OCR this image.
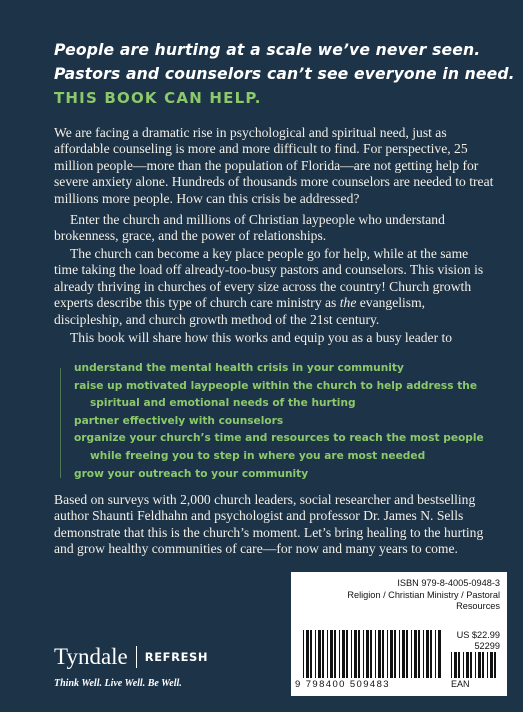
People are hurting at a scale we’ve never seen.
Pastors and counselors can’t see everyone in need.
THIS BOOK CAN HELP.

We are facing a dramatic rise in psychological and spiritual need, just as affordable counseling is more and more difficult to find. For perspective, 25 million people—more than the population of Florida—are not getting help for severe anxiety alone. Hundreds of thousands more counselors are needed to treat millions more people. How can this crisis be addressed?

Enter the church and millions of Christian laypeople who understand brokenness, grace, and the power of relationships.

The church can become a key place people go for help, while at the same time taking the load off already-too-busy pastors and counselors. This vision is already thriving in churches of every size across the country! Church growth experts describe this type of church care ministry as the evangelism, discipleship, and church growth method of the 21st century.

This book will share how this works and equip you as a busy leader to

understand the mental health crisis in your community
raise up motivated laypeople within the church to help address the spiritual and emotional needs of the hurting
partner effectively with counselors
organize your church’s time and resources to reach the most people while freeing you to step in where you are most needed
grow your outreach to your community

Based on surveys with 2,000 church leaders, social researcher and bestselling author Shaunti Feldhahn and psychologist and professor Dr. James N. Sells demonstrate that this is the church’s moment. Let’s bring healing to the hurting and grow healthy communities of care—for now and many years to come.

Tyndale REFRESH
Think Well. Live Well. Be Well.
ISBN 979-8-4005-0948-3
Religion / Christian Ministry / Pastoral
Resources
US $22.99
52299
9 798400 509483	EAN
